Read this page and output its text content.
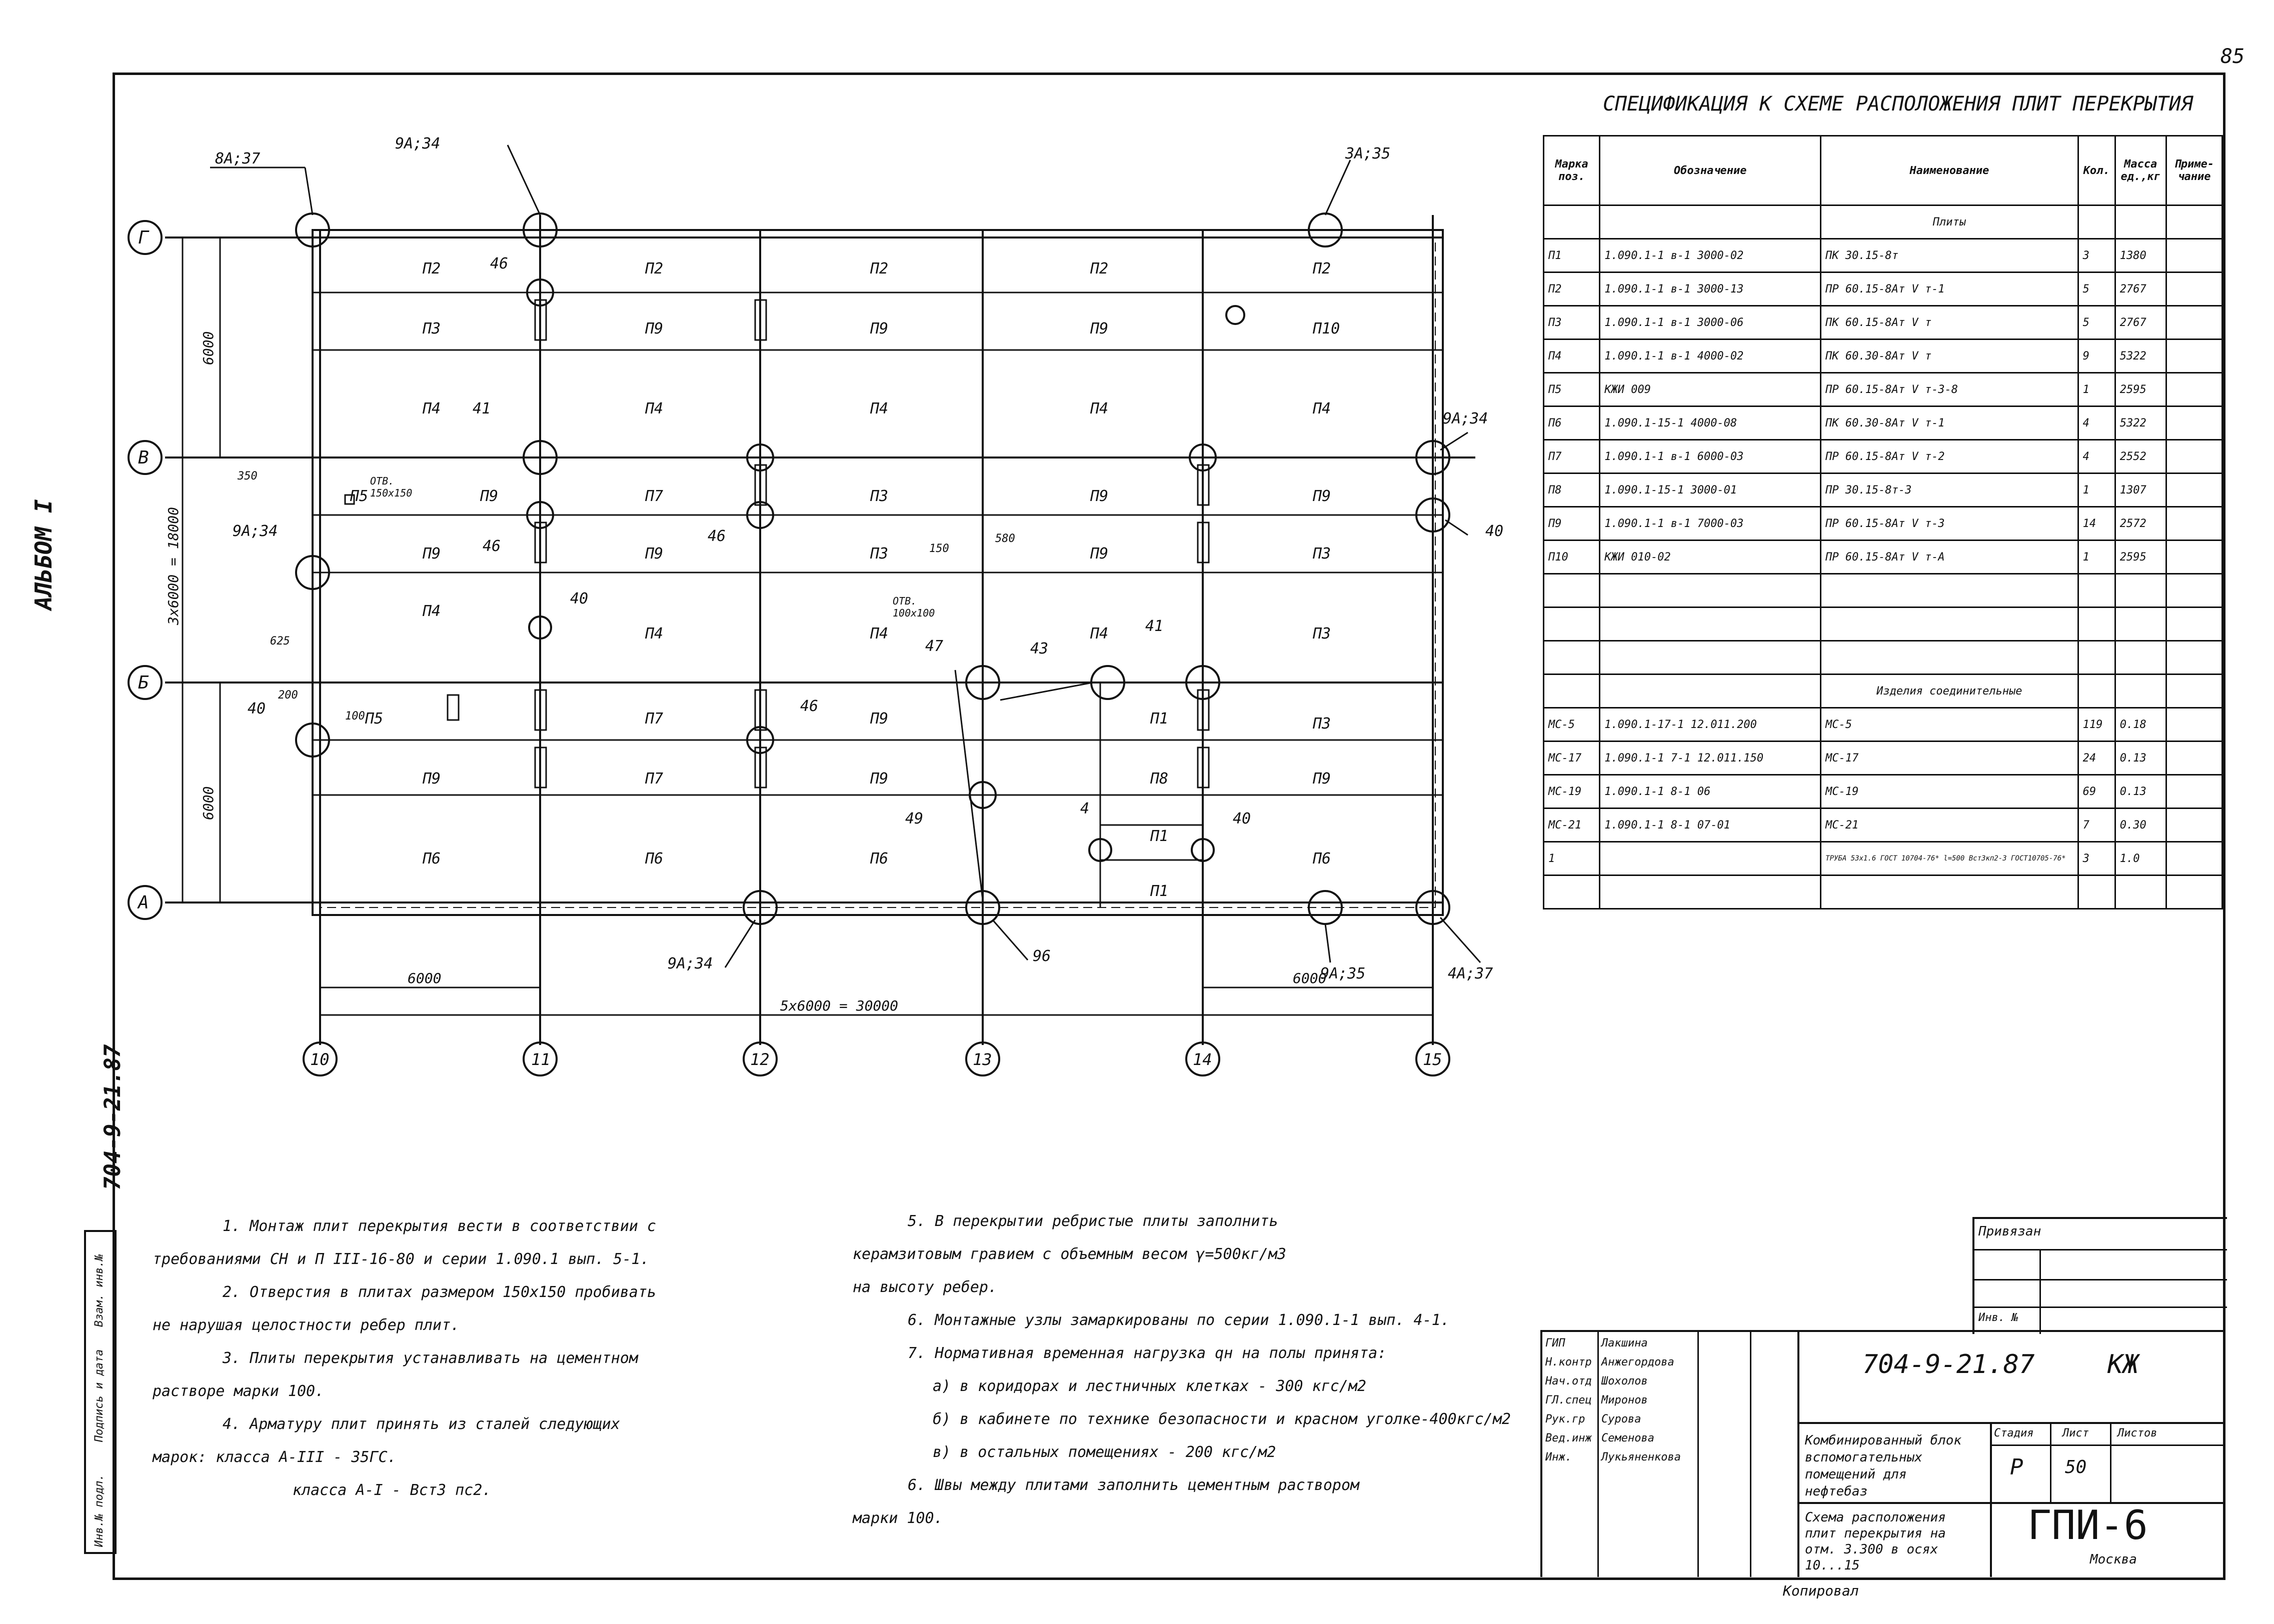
85
АЛЬБОМ I
704-9-21.87
Инв.№ подл.
Подпись и дата
Взам. инв.№
Г
В
Б
А
10	11	12	13	14	15
6000	6000
5x6000 = 30000
6000
3x6000 = 18000
6000
350
625
200
100
150
580
ОТВ. 150x150
ОТВ. 100x100
8А;37
9А;34
3А;35
9А;34
9А;34
9А;34
9А;35	4А;37
46
41
46
46
40
47	43
41
46
49
40
40
96
40
4
П2	П2	П2	П2	П2
П3	П9	П9	П9	П10
П4	П4	П4	П4	П4
П5	П9	П7	П3	П9	П9
П9	П9	П3	П9	П3
П4
П4	П4	П4	П3
П5	П7	П9	П1	П3
П9	П7	П9	П8	П9
П6	П6	П6
П1
П6
П1
СПЕЦИФИКАЦИЯ К СХЕМЕ РАСПОЛОЖЕНИЯ ПЛИТ ПЕРЕКРЫТИЯ
Марка поз.	Обозначение	Наименование	Кол.	Масса ед.,кг	Приме-чание
		Плиты			
П1	1.090.1-1 в-1 3000-02	ПК 30.15-8т	3	1380	
П2	1.090.1-1 в-1 3000-13	ПР 60.15-8Ат V т-1	5	2767	
П3	1.090.1-1 в-1 3000-06	ПК 60.15-8Ат V т	5	2767	
П4	1.090.1-1 в-1 4000-02	ПК 60.30-8Ат V т	9	5322	
П5	КЖИ 009	ПР 60.15-8Ат V т-3-8	1	2595	
П6	1.090.1-15-1 4000-08	ПК 60.30-8Ат V т-1	4	5322	
П7	1.090.1-1 в-1 6000-03	ПР 60.15-8Ат V т-2	4	2552	
П8	1.090.1-15-1 3000-01	ПР 30.15-8т-3	1	1307	
П9	1.090.1-1 в-1 7000-03	ПР 60.15-8Ат V т-3	14	2572	
П10	КЖИ 010-02	ПР 60.15-8Ат V т-А	1	2595	

		Изделия соединительные			
МС-5	1.090.1-17-1 12.011.200	МС-5	119	0.18	
МС-17	1.090.1-1 7-1 12.011.150	МС-17	24	0.13	
МС-19	1.090.1-1 8-1 06	МС-19	69	0.13	
МС-21	1.090.1-1 8-1 07-01	МС-21	7	0.30	
1		ТРУБА 53x1.6 ГОСТ 10704-76* l=500 Вст3кп2-3 ГОСТ10705-76*	3	1.0	

1. Монтаж плит перекрытия вести в соответствии с
требованиями СН и П III-16-80 и серии 1.090.1 вып. 5-1.
2. Отверстия в плитах размером 150x150 пробивать
не нарушая целостности ребер плит.
3. Плиты перекрытия устанавливать на цементном
растворе марки 100.
4. Арматуру плит принять из сталей следующих
марок: класса А-III - 35ГС.
класса А-I - Вст3 пс2.
5. В перекрытии ребристые плиты заполнить
керамзитовым гравием с объемным весом γ=500кг/м3
на высоту ребер.
6. Монтажные узлы замаркированы по серии 1.090.1-1 вып. 4-1.
7. Нормативная временная нагрузка qн на полы принята:
а) в коридорах и лестничных клетках - 300 кгс/м2
б) в кабинете по технике безопасности и красном уголке-400кгс/м2
в) в остальных помещениях - 200 кгс/м2
6. Швы между плитами заполнить цементным раствором
марки 100.
Привязан
Инв. №
ГИП	Лакшина
Н.контр Анжегордова
Нач.отд Шохолов
ГЛ.спец Миронов
Рук.гр Сурова
Вед.инж Семенова
Инж.	Лукьяненкова
704-9-21.87	КЖ
Комбинированный блок вспомогательных помещений для нефтебаз
Стадия	Лист	Листов
Р 50
Схема расположения плит перекрытия на отм. 3.300 в осях 10...15
ГПИ-6
Москва
Копировал
